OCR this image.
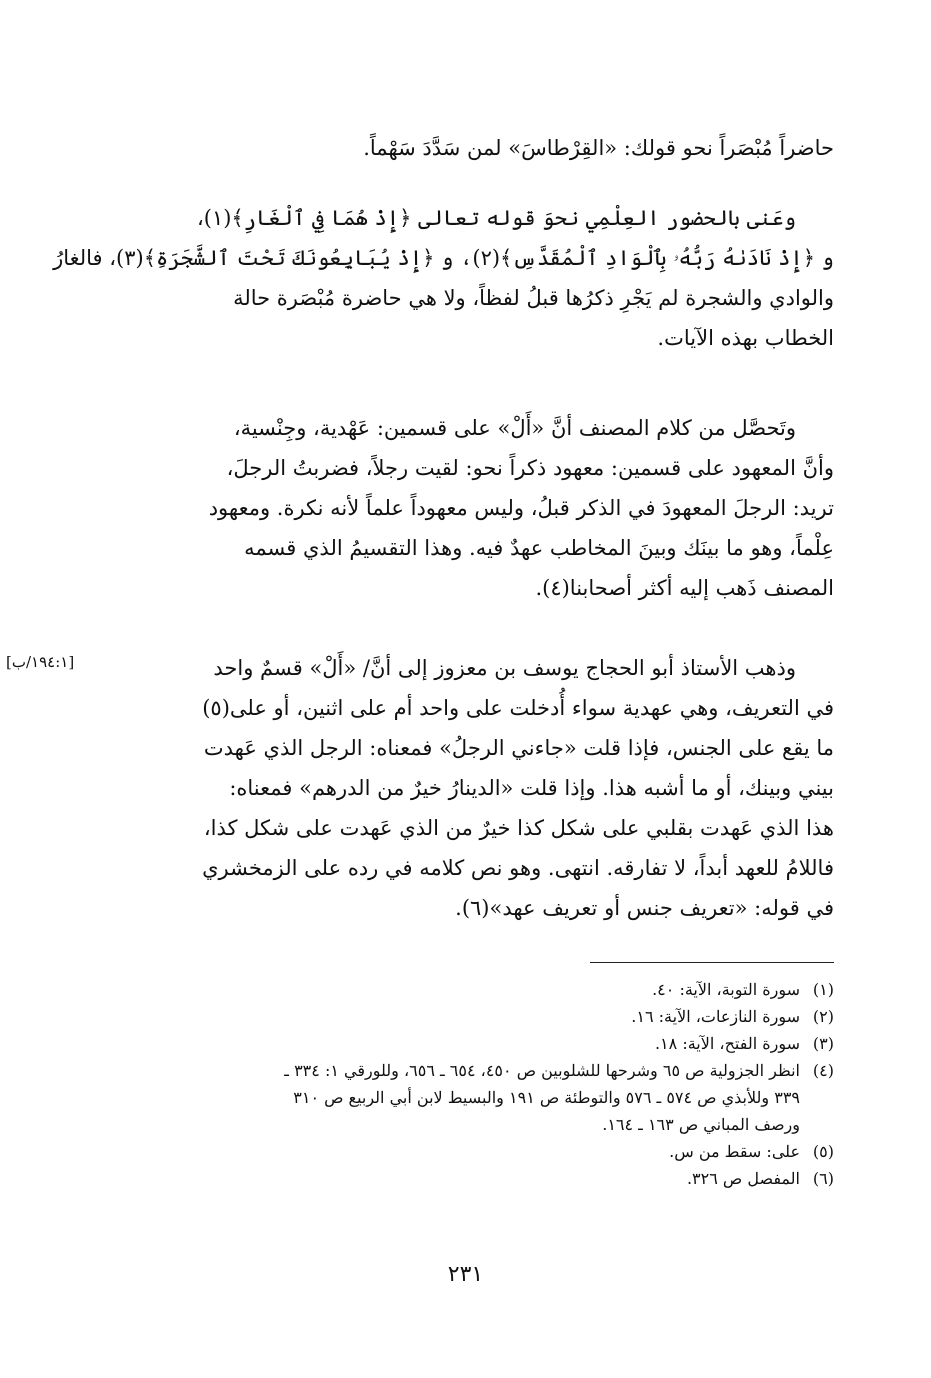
حاضراً مُبْصَراً نحو قولك: «القِرْطاسَ» لمن سَدَّدَ سَهْماً.
وعَنى بالحضور العِلْمِي نحوَ قوله تعالى ﴿إِذْ هُمَا فِي ٱلْغَارِ﴾(١)،
و ﴿إِذْ نَادَىٰهُ رَبُّهُۥ بِٱلْوَادِ ٱلْمُقَدَّسِ﴾(٢)، و ﴿إِذْ يُبَايِعُونَكَ تَحْتَ ٱلشَّجَرَةِ﴾(٣)، فالغارُ
والوادي والشجرة لم يَجْرِ ذكرُها قبلُ لفظاً، ولا هي حاضرة مُبْصَرة حالة
الخطاب بهذه الآيات.
وتَحصَّل من كلام المصنف أنَّ «أَلْ» على قسمين: عَهْدية، وجِنْسية،
وأنَّ المعهود على قسمين: معهود ذكراً نحو: لقيت رجلاً، فضربتُ الرجلَ،
تريد: الرجلَ المعهودَ في الذكر قبلُ، وليس معهوداً علماً لأنه نكرة. ومعهود
عِلْماً، وهو ما بينَك وبينَ المخاطب عهدٌ فيه. وهذا التقسيمُ الذي قسمه
المصنف ذَهب إليه أكثر أصحابنا(٤).
وذهب الأستاذ أبو الحجاج يوسف بن معزوز إلى أنَّ/ «أَلْ» قسمٌ واحد
في التعريف، وهي عهدية سواء أُدخلت على واحد أم على اثنين، أو على(٥)
ما يقع على الجنس، فإذا قلت «جاءني الرجلُ» فمعناه: الرجل الذي عَهدت
بيني وبينك، أو ما أشبه هذا. وإذا قلت «الدينارُ خيرٌ من الدرهم» فمعناه:
هذا الذي عَهدت بقلبي على شكل كذا خيرٌ من الذي عَهدت على شكل كذا،
فاللامُ للعهد أبداً، لا تفارقه. انتهى. وهو نص كلامه في رده على الزمخشري
في قوله: «تعريف جنس أو تعريف عهد»(٦).
[١٩٤:١/ب]
(١)
سورة التوبة، الآية: ٤٠.
(٢)
سورة النازعات، الآية: ١٦.
(٣)
سورة الفتح، الآية: ١٨.
(٤)
انظر الجزولية ص ٦٥ وشرحها للشلوبين ص ٤٥٠، ٦٥٤ ـ ٦٥٦، وللورقي ١: ٣٣٤ ـ
٣٣٩ وللأبذي ص ٥٧٤ ـ ٥٧٦ والتوطئة ص ١٩١ والبسيط لابن أبي الربيع ص ٣١٠
ورصف المباني ص ١٦٣ ـ ١٦٤.
(٥)
على: سقط من س.
(٦)
المفصل ص ٣٢٦.
٢٣١
